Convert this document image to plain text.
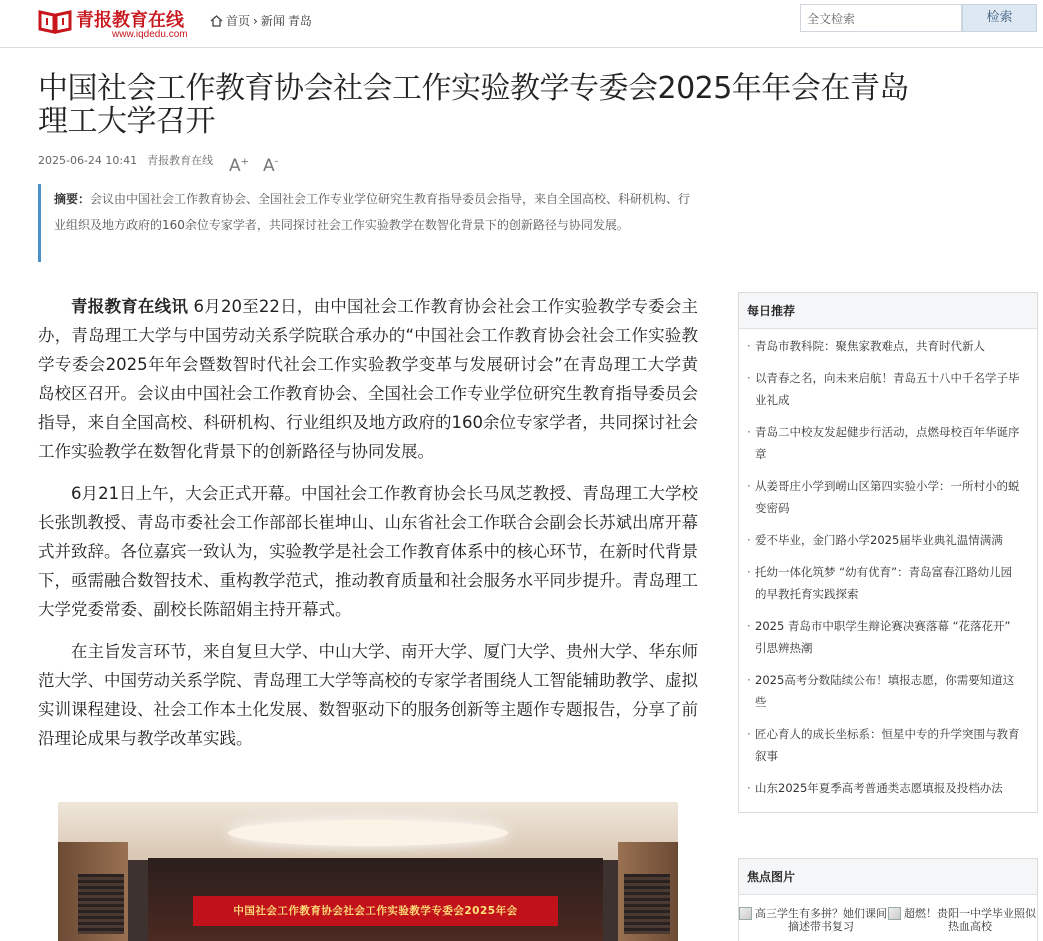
青报教育在线
www.iqdedu.com
首页 › 新闻 青岛	全文检索	检索
中国社会工作教育协会社会工作实验教学专委会2025年年会在青岛理工大学召开
2025-06-24 10:41 青报教育在线 A+ A-
摘要：会议由中国社会工作教育协会、全国社会工作专业学位研究生教育指导委员会指导，来自全国高校、科研机构、行业组织及地方政府的160余位专家学者，共同探讨社会工作实验教学在数智化背景下的创新路径与协同发展。

青报教育在线讯 6月20至22日，由中国社会工作教育协会社会工作实验教学专委会主办，青岛理工大学与中国劳动关系学院联合承办的“中国社会工作教育协会社会工作实验教学专委会2025年年会暨数智时代社会工作实验教学变革与发展研讨会”在青岛理工大学黄岛校区召开。会议由中国社会工作教育协会、全国社会工作专业学位研究生教育指导委员会指导，来自全国高校、科研机构、行业组织及地方政府的160余位专家学者，共同探讨社会工作实验教学在数智化背景下的创新路径与协同发展。

6月21日上午，大会正式开幕。中国社会工作教育协会长马凤芝教授、青岛理工大学校长张凯教授、青岛市委社会工作部部长崔坤山、山东省社会工作联合会副会长苏斌出席开幕式并致辞。各位嘉宾一致认为，实验教学是社会工作教育体系中的核心环节，在新时代背景下，亟需融合数智技术、重构教学范式，推动教育质量和社会服务水平同步提升。青岛理工大学党委常委、副校长陈韶娟主持开幕式。

在主旨发言环节，来自复旦大学、中山大学、南开大学、厦门大学、贵州大学、华东师范大学、中国劳动关系学院、青岛理工大学等高校的专家学者围绕人工智能辅助教学、虚拟实训课程建设、社会工作本土化发展、数智驱动下的服务创新等主题作专题报告，分享了前沿理论成果与教学改革实践。

中国社会工作教育协会社会工作实验教学专委会2025年会
每日推荐
· 青岛市教科院：聚焦家教难点，共育时代新人
· 以青春之名，向未来启航！青岛五十八中千名学子毕业礼成
· 青岛二中校友发起健步行活动，点燃母校百年华诞序章
· 从姜哥庄小学到崂山区第四实验小学：一所村小的蜕变密码
· 爱不毕业，金门路小学2025届毕业典礼温情满满
· 托幼一体化筑梦 “幼有优育”：青岛富春江路幼儿园的早教托育实践探索
· 2025 青岛市中职学生辩论赛决赛落幕 “花落花开” 引思辨热潮
· 2025高考分数陆续公布！填报志愿，你需要知道这些
· 匠心育人的成长坐标系：恒星中专的升学突围与教育叙事
· 山东2025年夏季高考普通类志愿填报及投档办法
焦点图片
高三学生有多拼？她们课间摘述带书复习
超燃！贵阳一中学毕业照似热血高校
